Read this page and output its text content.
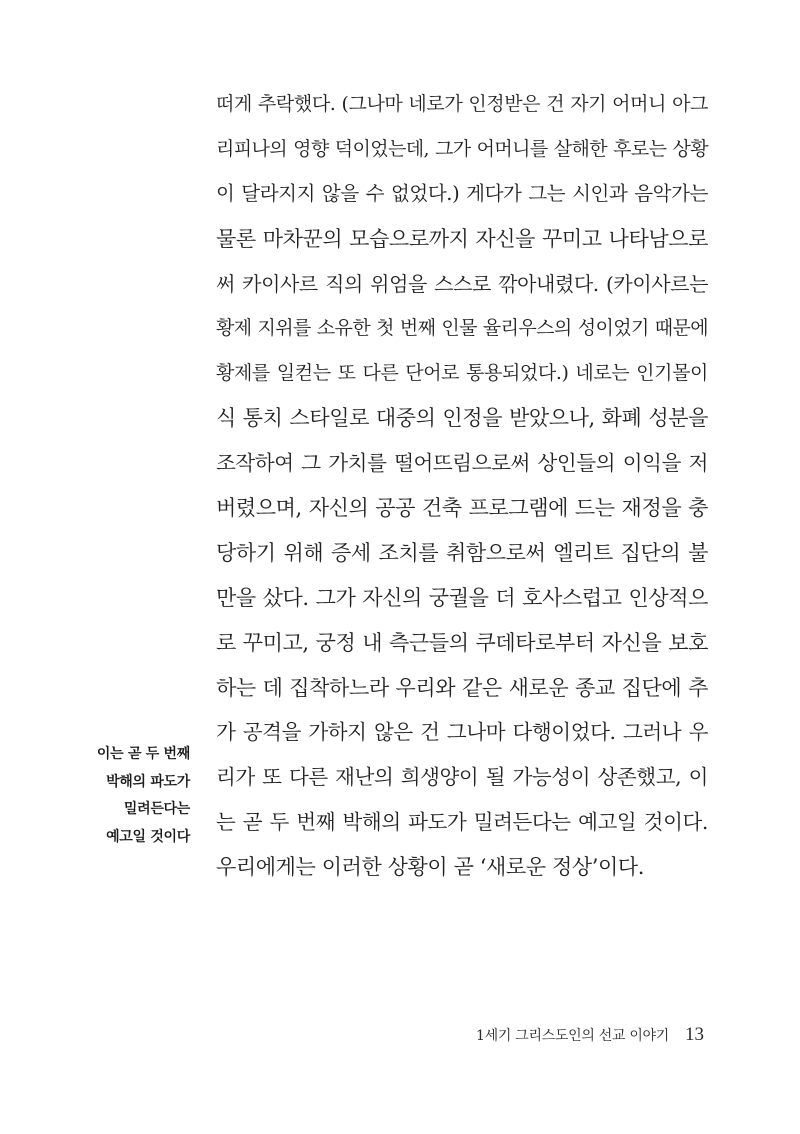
떠게 추락했다. (그나마 네로가 인정받은 건 자기 어머니 아그
리피나의 영향 덕이었는데, 그가 어머니를 살해한 후로는 상황
이 달라지지 않을 수 없었다.) 게다가 그는 시인과 음악가는
물론 마차꾼의 모습으로까지 자신을 꾸미고 나타남으로
써 카이사르 직의 위엄을 스스로 깎아내렸다. (카이사르는
황제 지위를 소유한 첫 번째 인물 율리우스의 성이었기 때문에
황제를 일컫는 또 다른 단어로 통용되었다.) 네로는 인기몰이
식 통치 스타일로 대중의 인정을 받았으나, 화폐 성분을
조작하여 그 가치를 떨어뜨림으로써 상인들의 이익을 저
버렸으며, 자신의 공공 건축 프로그램에 드는 재정을 충
당하기 위해 증세 조치를 취함으로써 엘리트 집단의 불
만을 샀다. 그가 자신의 궁궐을 더 호사스럽고 인상적으
로 꾸미고, 궁정 내 측근들의 쿠데타로부터 자신을 보호
하는 데 집착하느라 우리와 같은 새로운 종교 집단에 추
가 공격을 가하지 않은 건 그나마 다행이었다. 그러나 우
리가 또 다른 재난의 희생양이 될 가능성이 상존했고, 이
는 곧 두 번째 박해의 파도가 밀려든다는 예고일 것이다.
우리에게는 이러한 상황이 곧 ‘새로운 정상’이다.
이는 곧 두 번째
박해의 파도가
밀려든다는
예고일 것이다
1세기 그리스도인의 선교 이야기 13
